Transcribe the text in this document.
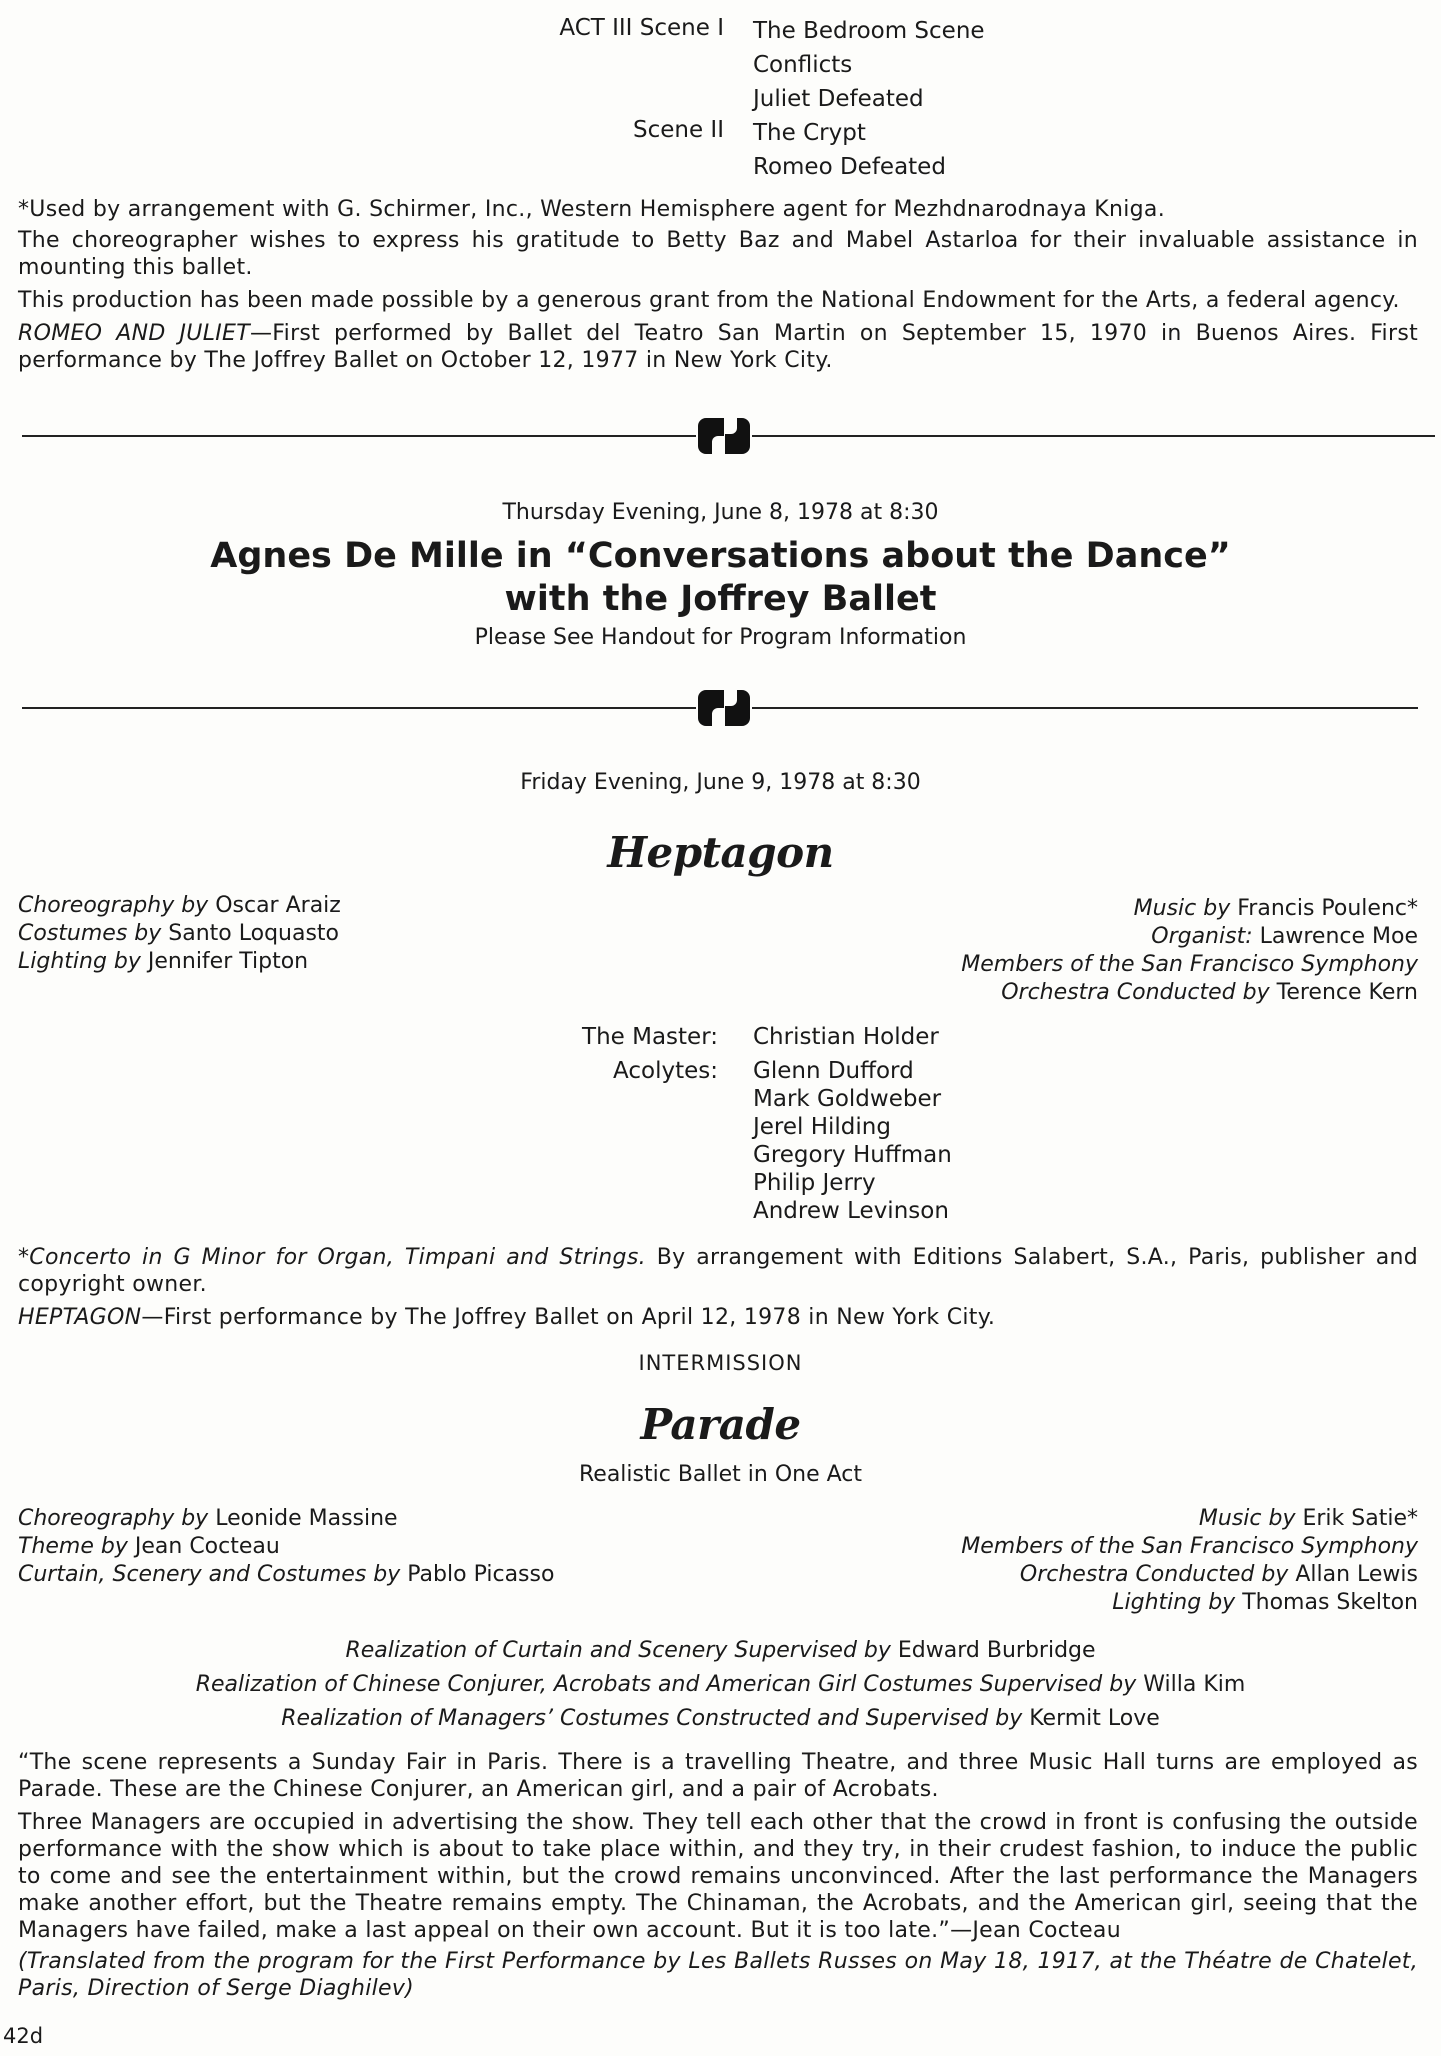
ACT III Scene I
Scene II
The Bedroom Scene
Conflicts
Juliet Defeated
The Crypt
Romeo Defeated

*Used by arrangement with G. Schirmer, Inc., Western Hemisphere agent for Mezhdnarodnaya Kniga.

The choreographer wishes to express his gratitude to Betty Baz and Mabel Astarloa for their invaluable assistance in mounting this ballet.

This production has been made possible by a generous grant from the National Endowment for the Arts, a federal agency.

ROMEO AND JULIET—First performed by Ballet del Teatro San Martin on September 15, 1970 in Buenos Aires. First performance by The Joffrey Ballet on October 12, 1977 in New York City.

Thursday Evening, June 8, 1978 at 8:30
Agnes De Mille in “Conversations about the Dance”
with the Joffrey Ballet
Please See Handout for Program Information
Friday Evening, June 9, 1978 at 8:30
Heptagon
Choreography by Oscar Araiz
Costumes by Santo Loquasto
Lighting by Jennifer Tipton
Music by Francis Poulenc*
Organist: Lawrence Moe
Members of the San Francisco Symphony
Orchestra Conducted by Terence Kern
The Master: Christian Holder
Acolytes: Glenn Dufford
Mark Goldweber
Jerel Hilding
Gregory Huffman
Philip Jerry
Andrew Levinson

*Concerto in G Minor for Organ, Timpani and Strings. By arrangement with Editions Salabert, S.A., Paris, publisher and copyright owner.

HEPTAGON—First performance by The Joffrey Ballet on April 12, 1978 in New York City.

INTERMISSION
Parade
Realistic Ballet in One Act
Choreography by Leonide Massine
Theme by Jean Cocteau
Curtain, Scenery and Costumes by Pablo Picasso
Music by Erik Satie*
Members of the San Francisco Symphony
Orchestra Conducted by Allan Lewis
Lighting by Thomas Skelton
Realization of Curtain and Scenery Supervised by Edward Burbridge
Realization of Chinese Conjurer, Acrobats and American Girl Costumes Supervised by Willa Kim
Realization of Managers’ Costumes Constructed and Supervised by Kermit Love

“The scene represents a Sunday Fair in Paris. There is a travelling Theatre, and three Music Hall turns are employed as Parade. These are the Chinese Conjurer, an American girl, and a pair of Acrobats.

Three Managers are occupied in advertising the show. They tell each other that the crowd in front is confusing the outside performance with the show which is about to take place within, and they try, in their crudest fashion, to induce the public to come and see the entertainment within, but the crowd remains unconvinced. After the last performance the Managers make another effort, but the Theatre remains empty. The Chinaman, the Acrobats, and the American girl, seeing that the Managers have failed, make a last appeal on their own account. But it is too late.”—Jean Cocteau

(Translated from the program for the First Performance by Les Ballets Russes on May 18, 1917, at the Théatre de Chatelet, Paris, Direction of Serge Diaghilev)

42d
